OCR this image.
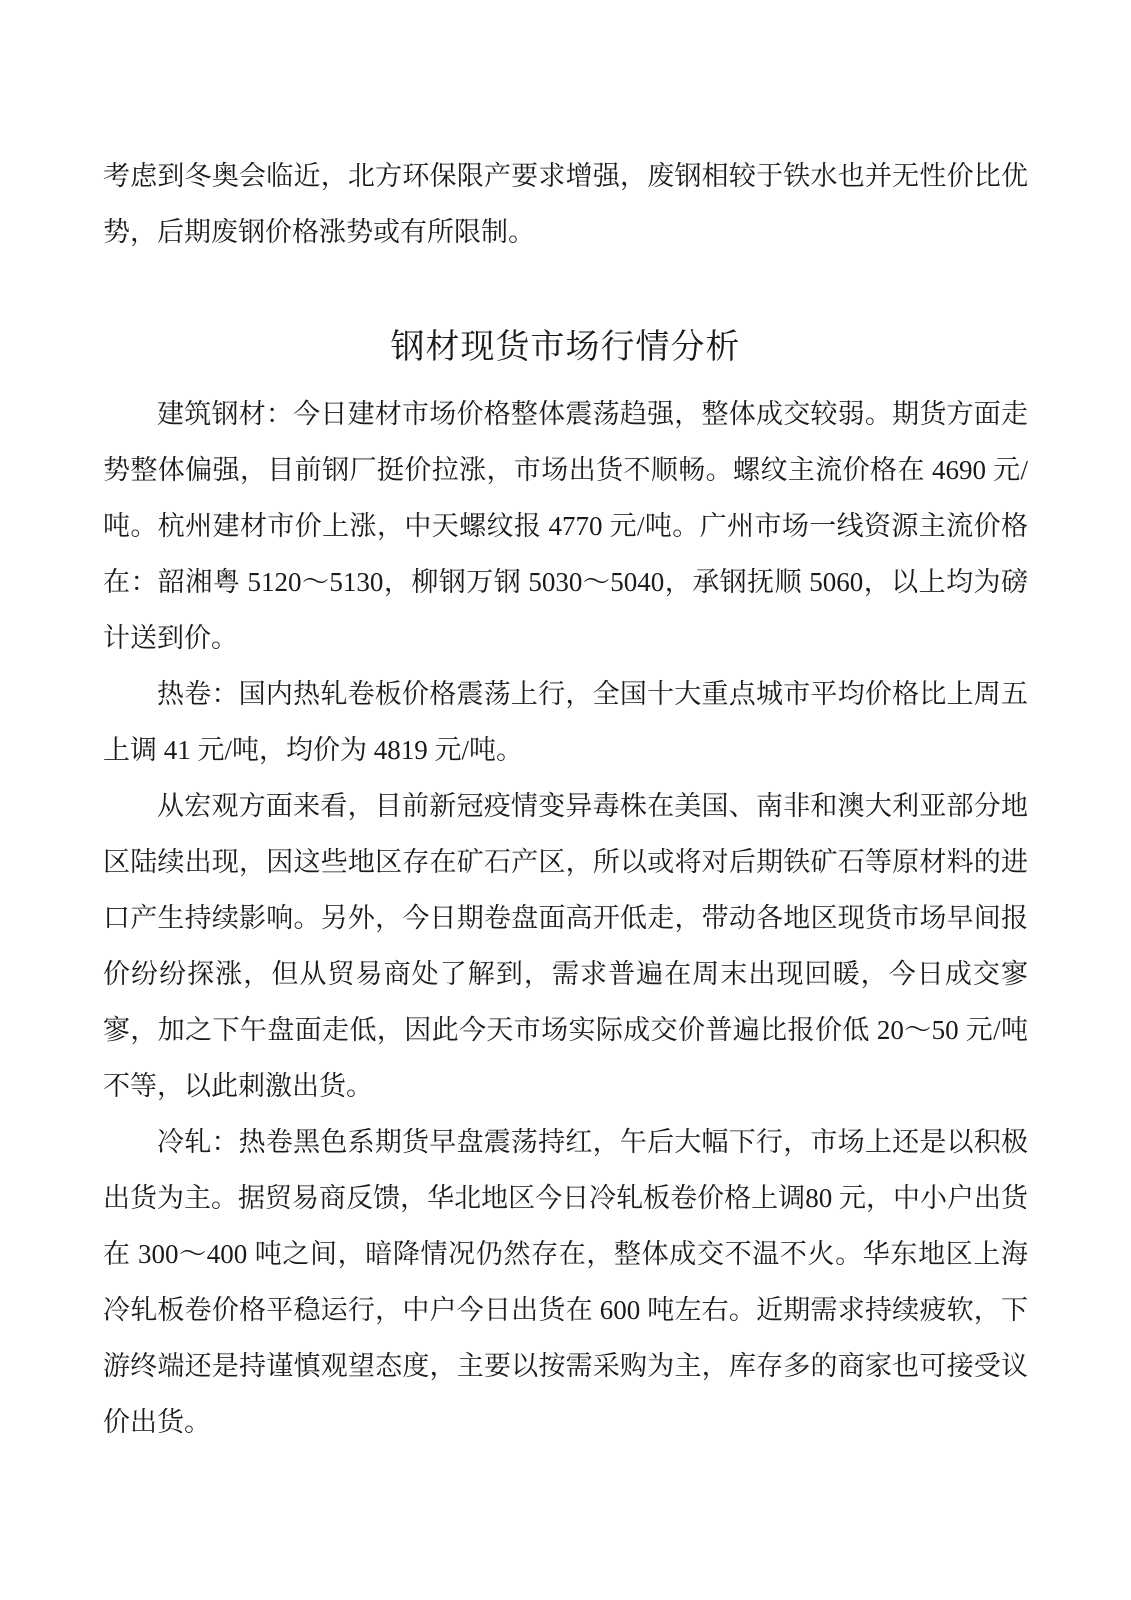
考虑到冬奥会临近，北方环保限产要求增强，废钢相较于铁水也并无性价比优势，后期废钢价格涨势或有所限制。

钢材现货市场行情分析

建筑钢材：今日建材市场价格整体震荡趋强，整体成交较弱。期货方面走势整体偏强，目前钢厂挺价拉涨，市场出货不顺畅。螺纹主流价格在 4690 元/吨。杭州建材市价上涨，中天螺纹报 4770 元/吨。广州市场一线资源主流价格在：韶湘粤 5120～5130，柳钢万钢 5030～5040，承钢抚顺 5060，以上均为磅计送到价。

热卷：国内热轧卷板价格震荡上行，全国十大重点城市平均价格比上周五上调 41 元/吨，均价为 4819 元/吨。

从宏观方面来看，目前新冠疫情变异毒株在美国、南非和澳大利亚部分地区陆续出现，因这些地区存在矿石产区，所以或将对后期铁矿石等原材料的进口产生持续影响。另外，今日期卷盘面高开低走，带动各地区现货市场早间报价纷纷探涨，但从贸易商处了解到，需求普遍在周末出现回暖，今日成交寥寥，加之下午盘面走低，因此今天市场实际成交价普遍比报价低 20～50 元/吨不等，以此刺激出货。

冷轧：热卷黑色系期货早盘震荡持红，午后大幅下行，市场上还是以积极出货为主。据贸易商反馈，华北地区今日冷轧板卷价格上调80 元，中小户出货在 300～400 吨之间，暗降情况仍然存在，整体成交不温不火。华东地区上海冷轧板卷价格平稳运行，中户今日出货在 600 吨左右。近期需求持续疲软，下游终端还是持谨慎观望态度，主要以按需采购为主，库存多的商家也可接受议价出货。
